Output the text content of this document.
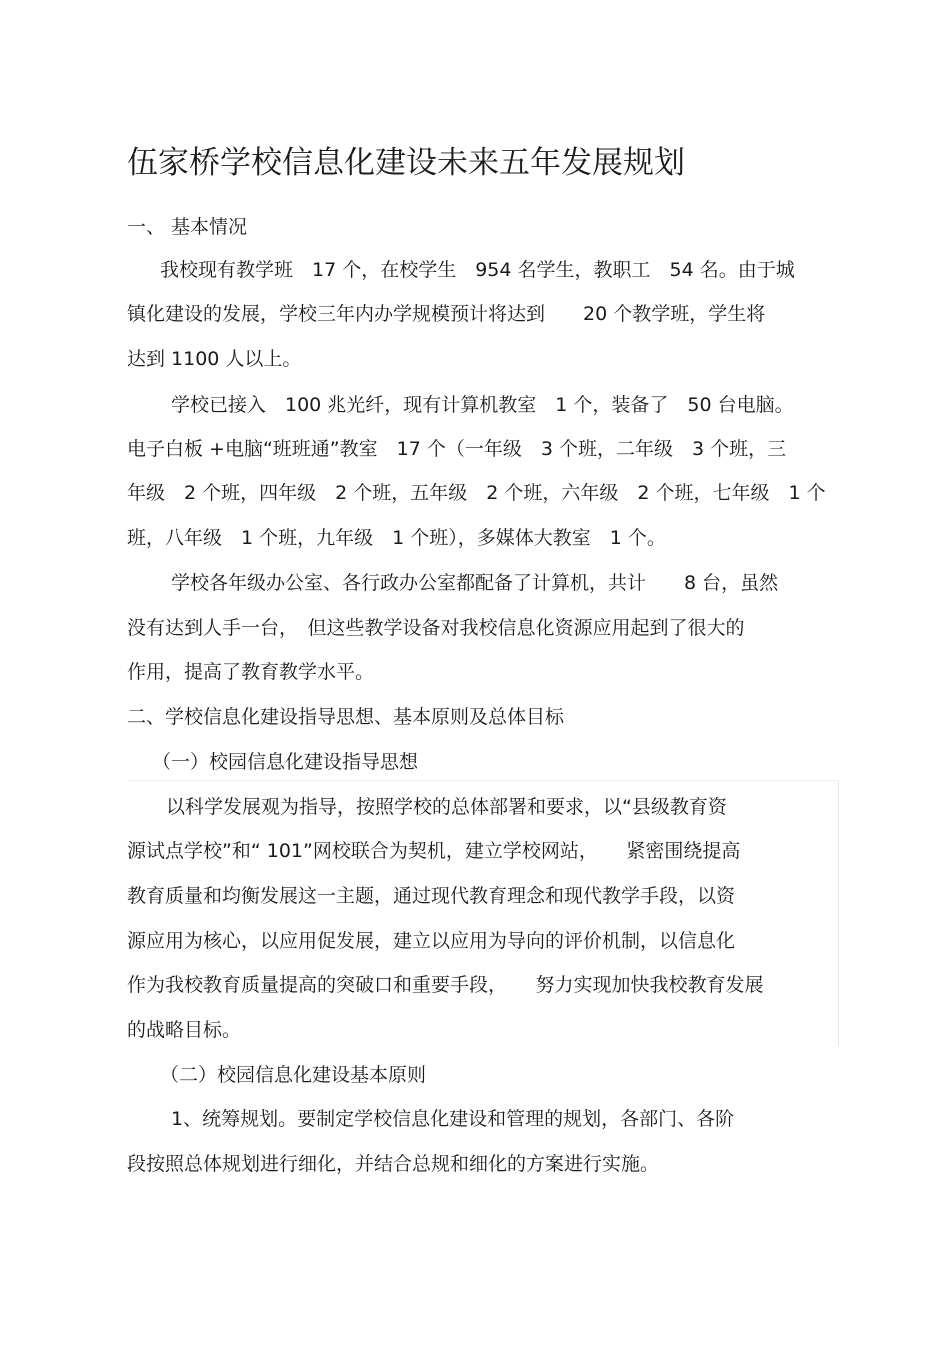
伍家桥学校信息化建设未来五年发展规划

一、 基本情况

我校现有教学班　17 个，在校学生　954 名学生，教职工　54 名。由于城

镇化建设的发展，学校三年内办学规模预计将达到　　20 个教学班，学生将

达到 1100 人以上。

学校已接入　100 兆光纤，现有计算机教室　1 个，装备了　50 台电脑。

电子白板 +电脑“班班通”教室　17 个（一年级　3 个班，二年级　3 个班，三

年级　2 个班，四年级　2 个班，五年级　2 个班，六年级　2 个班，七年级　1 个

班，八年级　1 个班，九年级　1 个班），多媒体大教室　1 个。

学校各年级办公室、各行政办公室都配备了计算机，共计　　8 台，虽然

没有达到人手一台，　但这些教学设备对我校信息化资源应用起到了很大的

作用，提高了教育教学水平。

二、学校信息化建设指导思想、基本原则及总体目标

（一）校园信息化建设指导思想

以科学发展观为指导，按照学校的总体部署和要求，以“县级教育资

源试点学校”和“ 101”网校联合为契机，建立学校网站，　　紧密围绕提高

教育质量和均衡发展这一主题，通过现代教育理念和现代教学手段，以资

源应用为核心，以应用促发展，建立以应用为导向的评价机制，以信息化

作为我校教育质量提高的突破口和重要手段，　　努力实现加快我校教育发展

的战略目标。

（二）校园信息化建设基本原则

1、统筹规划。要制定学校信息化建设和管理的规划，各部门、各阶

段按照总体规划进行细化，并结合总规和细化的方案进行实施。
